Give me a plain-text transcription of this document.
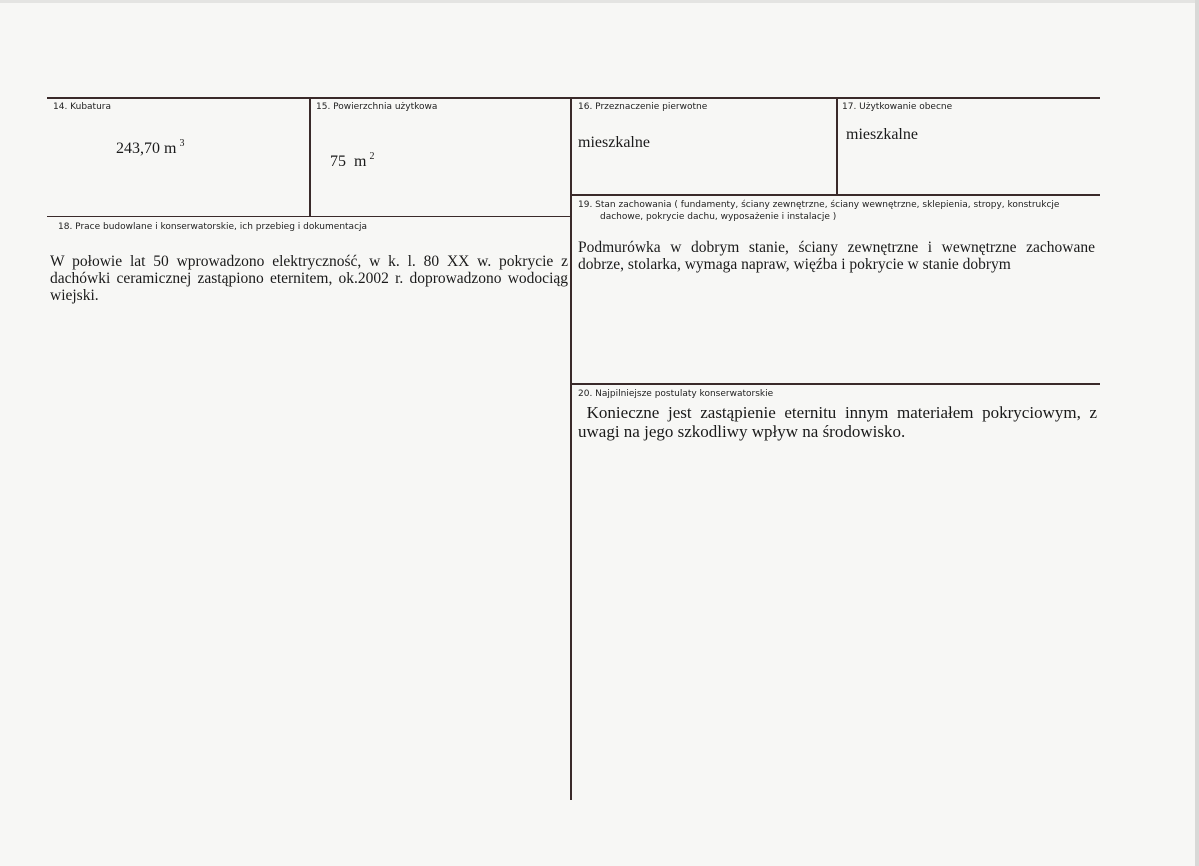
14. Kubatura
243,70 m $^3$
15. Powierzchnia użytkowa
75  m $^2$
16. Przeznaczenie pierwotne
mieszkalne
17. Użytkowanie obecne
mieszkalne
19. Stan zachowania ( fundamenty, ściany zewnętrzne, ściany wewnętrzne, sklepienia, stropy, konstrukcje
dachowe, pokrycie dachu, wyposażenie i instalacje )
Podmurówka w dobrym stanie, ściany zewnętrzne i wewnętrzne zachowane dobrze, stolarka, wymaga napraw, więźba i pokrycie w stanie dobrym
18. Prace budowlane i konserwatorskie, ich przebieg i dokumentacja
W połowie lat 50 wprowadzono elektryczność, w k. l. 80 XX w. pokrycie z dachówki ceramicznej zastąpiono eternitem, ok.2002 r. doprowadzono wodociąg wiejski.
20. Najpilniejsze postulaty konserwatorskie
Konieczne jest zastąpienie eternitu innym materiałem pokryciowym, z uwagi na jego szkodliwy wpływ na środowisko.
